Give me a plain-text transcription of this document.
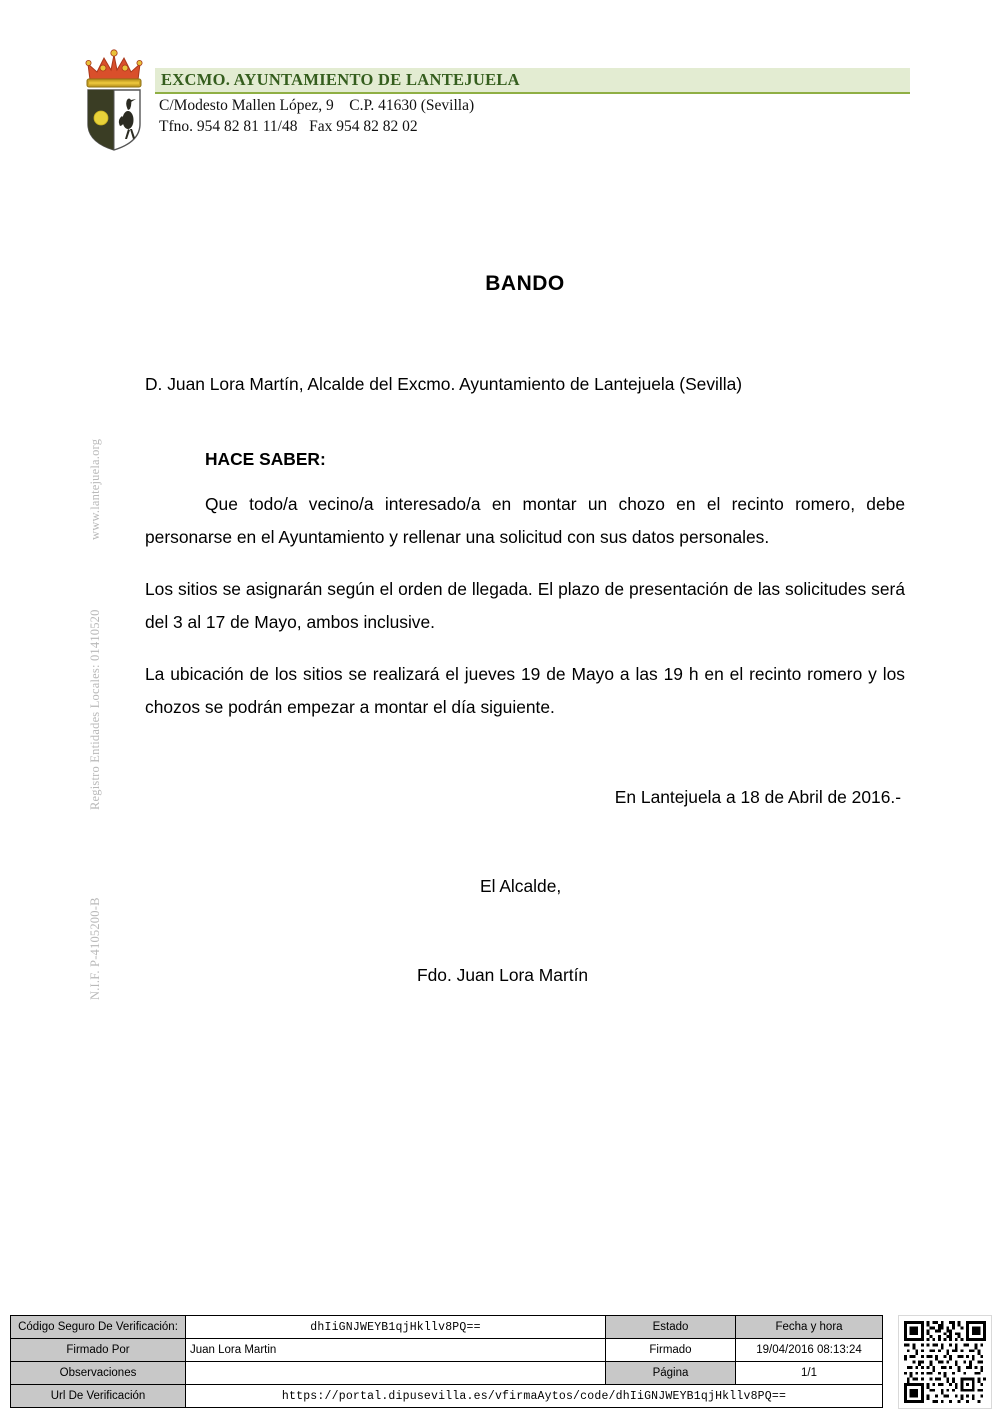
EXCMO. AYUNTAMIENTO DE LANTEJUELA
C/Modesto Mallen López, 9    C.P. 41630 (Sevilla)
Tfno. 954 82 81 11/48   Fax 954 82 82 02
www.lantejuela.org
Registro Entidades Locales: 01410520
N.I.F. P-4105200-B
BANDO

D. Juan Lora Martín, Alcalde del Excmo. Ayuntamiento de Lantejuela (Sevilla)

HACE SABER:

Que todo/a vecino/a interesado/a en montar un chozo en el recinto romero, debe personarse en el Ayuntamiento y rellenar una solicitud con sus datos personales.

Los sitios se asignarán según el orden de llegada. El plazo de presentación de las solicitudes será del 3 al 17 de Mayo, ambos inclusive.

La ubicación de los sitios se realizará el jueves 19 de Mayo a las 19 h en el recinto romero y los chozos se podrán empezar a montar el día siguiente.

En Lantejuela a 18 de Abril de 2016.-

El Alcalde,

Fdo. Juan Lora Martín

Código Seguro De Verificación:	dhIiGNJWEYB1qjHkllv8PQ==	Estado	Fecha y hora
Firmado Por	Juan Lora Martin	Firmado	19/04/2016 08:13:24
Observaciones		Página	1/1
Url De Verificación	https://portal.dipusevilla.es/vfirmaAytos/code/dhIiGNJWEYB1qjHkllv8PQ==		
